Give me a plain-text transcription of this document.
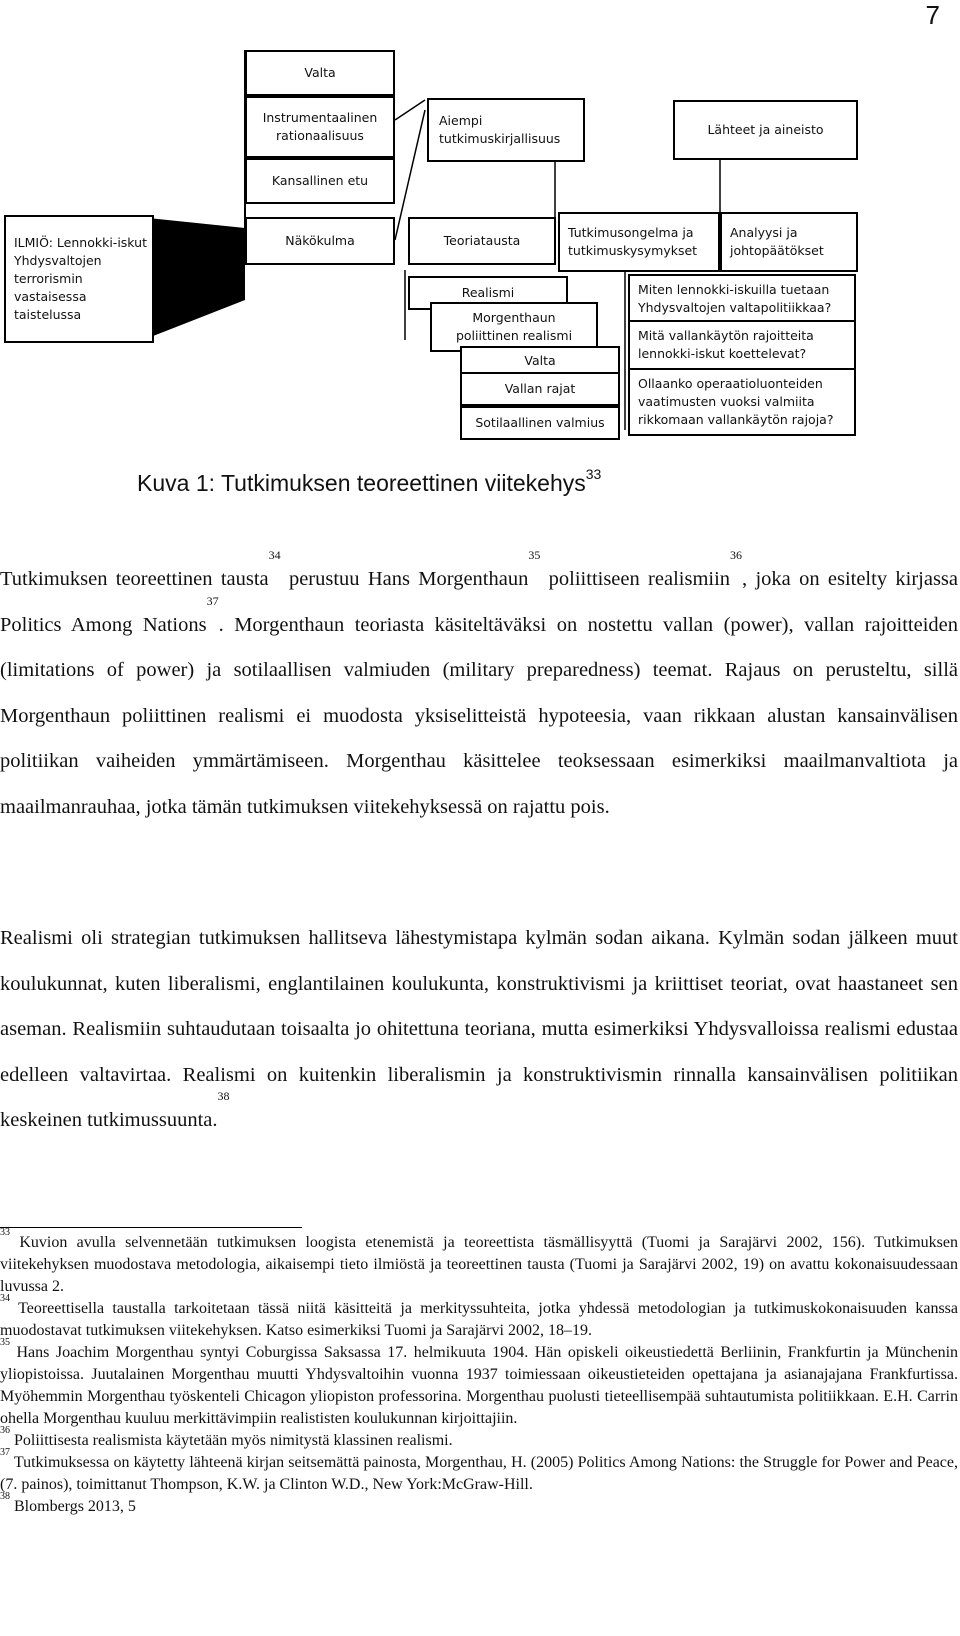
7
Valta
Instrumentaalinen
rationaalisuus
Kansallinen etu
Aiempi
tutkimuskirjallisuus
Lähteet ja aineisto
ILMIÖ: Lennokki-iskut
Yhdysvaltojen
terrorismin vastaisessa
taistelussa
Näkökulma	Teoriatausta
Tutkimusongelma ja
tutkimuskysymykset
Analyysi ja
johtopäätökset
Realismi
Morgenthaun
poliittinen realismi
Valta
Vallan rajat
Sotilaallinen valmius
Miten lennokki-iskuilla tuetaan
Yhdysvaltojen valtapolitiikkaa?
Mitä vallankäytön rajoitteita
lennokki-iskut koettelevat?
Ollaanko operaatioluonteiden
vaatimusten vuoksi valmiita
rikkomaan vallankäytön rajoja?
Kuva 1: Tutkimuksen teoreettinen viitekehys$^{33}$
Tutkimuksen teoreettinen tausta$^{34}$ perustuu Hans Morgenthaun$^{35}$ poliittiseen realismiin$^{36}$, joka on esitelty kirjassa Politics Among Nations$^{37}$. Morgenthaun teoriasta käsiteltäväksi on nostettu vallan (power), vallan rajoitteiden (limitations of power) ja sotilaallisen valmiuden (military preparedness) teemat. Rajaus on perusteltu, sillä Morgenthaun poliittinen realismi ei muodosta yksiselitteistä hypoteesia, vaan rikkaan alustan kansainvälisen politiikan vaiheiden ymmärtämiseen. Morgenthau käsittelee teoksessaan esimerkiksi maailmanvaltiota ja maailmanrauhaa, jotka tämän tutkimuksen viitekehyksessä on rajattu pois.
Realismi oli strategian tutkimuksen hallitseva lähestymistapa kylmän sodan aikana. Kylmän sodan jälkeen muut koulukunnat, kuten liberalismi, englantilainen koulukunta, konstruktivismi ja kriittiset teoriat, ovat haastaneet sen aseman. Realismiin suhtaudutaan toisaalta jo ohitettuna teoriana, mutta esimerkiksi Yhdysvalloissa realismi edustaa edelleen valtavirtaa. Realismi on kuitenkin liberalismin ja konstruktivismin rinnalla kansainvälisen politiikan keskeinen tutkimussuunta.$^{38}$

$^{33}$ Kuvion avulla selvennetään tutkimuksen loogista etenemistä ja teoreettista täsmällisyyttä (Tuomi ja Sarajärvi 2002, 156). Tutkimuksen viitekehyksen muodostava metodologia, aikaisempi tieto ilmiöstä ja teoreettinen tausta (Tuomi ja Sarajärvi 2002, 19) on avattu kokonaisuudessaan luvussa 2.

$^{34}$ Teoreettisella taustalla tarkoitetaan tässä niitä käsitteitä ja merkityssuhteita, jotka yhdessä metodologian ja tutkimuskokonaisuuden kanssa muodostavat tutkimuksen viitekehyksen. Katso esimerkiksi Tuomi ja Sarajärvi 2002, 18–19.

$^{35}$ Hans Joachim Morgenthau syntyi Coburgissa Saksassa 17. helmikuuta 1904. Hän opiskeli oikeustiedettä Berliinin, Frankfurtin ja Münchenin yliopistoissa. Juutalainen Morgenthau muutti Yhdysvaltoihin vuonna 1937 toimiessaan oikeustieteiden opettajana ja asianajajana Frankfurtissa. Myöhemmin Morgenthau työskenteli Chicagon yliopiston professorina. Morgenthau puolusti tieteellisempää suhtautumista politiikkaan. E.H. Carrin ohella Morgenthau kuuluu merkittävimpiin realististen koulukunnan kirjoittajiin.

$^{36}$ Poliittisesta realismista käytetään myös nimitystä klassinen realismi.

$^{37}$ Tutkimuksessa on käytetty lähteenä kirjan seitsemättä painosta, Morgenthau, H. (2005) Politics Among Nations: the Struggle for Power and Peace, (7. painos), toimittanut Thompson, K.W. ja Clinton W.D., New York:McGraw-Hill.

$^{38}$ Blombergs 2013, 5
